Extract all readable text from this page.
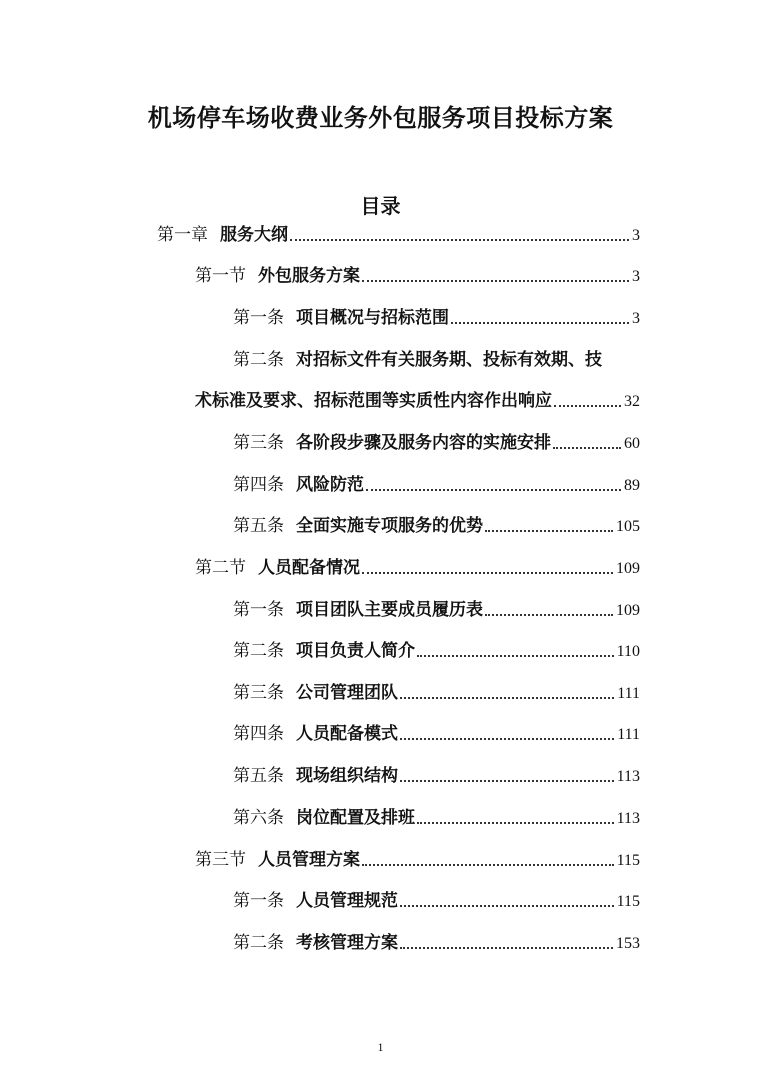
机场停车场收费业务外包服务项目投标方案
目录
第一章 服务大纲	3
第一节 外包服务方案	3
第一条 项目概况与招标范围	3
第二条 对招标文件有关服务期、投标有效期、技
术标准及要求、招标范围等实质性内容作出响应	32
第三条 各阶段步骤及服务内容的实施安排	60
第四条 风险防范	89
第五条 全面实施专项服务的优势	105
第二节 人员配备情况	109
第一条 项目团队主要成员履历表	109
第二条 项目负责人简介	110
第三条 公司管理团队	111
第四条 人员配备模式	111
第五条 现场组织结构	113
第六条 岗位配置及排班	113
第三节 人员管理方案	115
第一条 人员管理规范	115
第二条 考核管理方案	153
1
